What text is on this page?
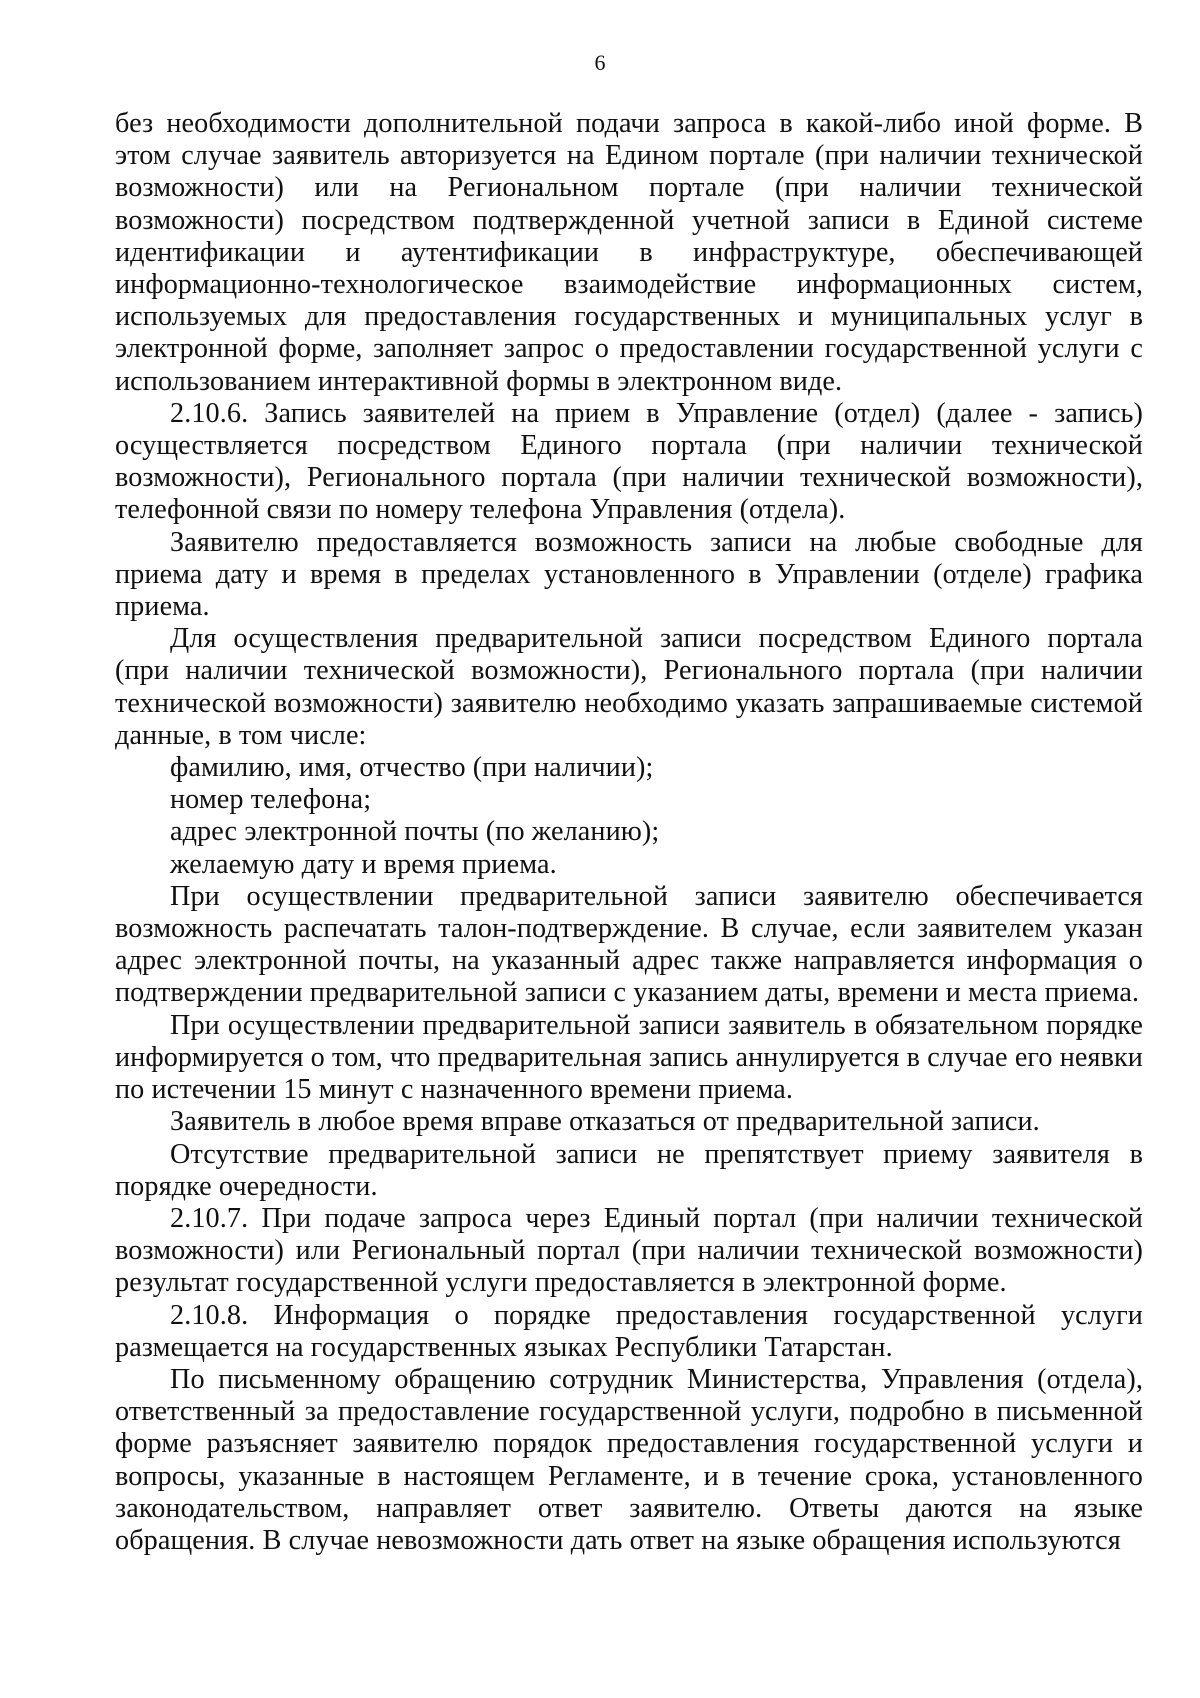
6

без необходимости дополнительной подачи запроса в какой-либо иной форме. В этом случае заявитель авторизуется на Едином портале (при наличии технической возможности) или на Региональном портале (при наличии технической возможности) посредством подтвержденной учетной записи в Единой системе идентификации и аутентификации в инфраструктуре, обеспечивающей информационно-технологическое взаимодействие информационных систем, используемых для предоставления государственных и муниципальных услуг в электронной форме, заполняет запрос о предоставлении государственной услуги с использованием интерактивной формы в электронном виде.

2.10.6. Запись заявителей на прием в Управление (отдел) (далее - запись) осуществляется посредством Единого портала (при наличии технической возможности), Регионального портала (при наличии технической возможности), телефонной связи по номеру телефона Управления (отдела).

Заявителю предоставляется возможность записи на любые свободные для приема дату и время в пределах установленного в Управлении (отделе) графика приема.

Для осуществления предварительной записи посредством Единого портала (при наличии технической возможности), Регионального портала (при наличии технической возможности) заявителю необходимо указать запрашиваемые системой данные, в том числе:

фамилию, имя, отчество (при наличии);

номер телефона;

адрес электронной почты (по желанию);

желаемую дату и время приема.

При осуществлении предварительной записи заявителю обеспечивается возможность распечатать талон-подтверждение. В случае, если заявителем указан адрес электронной почты, на указанный адрес также направляется информация о подтверждении предварительной записи с указанием даты, времени и места приема.

При осуществлении предварительной записи заявитель в обязательном порядке информируется о том, что предварительная запись аннулируется в случае его неявки по истечении 15 минут с назначенного времени приема.

Заявитель в любое время вправе отказаться от предварительной записи.

Отсутствие предварительной записи не препятствует приему заявителя в порядке очередности.

2.10.7. При подаче запроса через Единый портал (при наличии технической возможности) или Региональный портал (при наличии технической возможности) результат государственной услуги предоставляется в электронной форме.

2.10.8. Информация о порядке предоставления государственной услуги размещается на государственных языках Республики Татарстан.

По письменному обращению сотрудник Министерства, Управления (отдела), ответственный за предоставление государственной услуги, подробно в письменной форме разъясняет заявителю порядок предоставления государственной услуги и вопросы, указанные в настоящем Регламенте, и в течение срока, установленного законодательством, направляет ответ заявителю. Ответы даются на языке обращения. В случае невозможности дать ответ на языке обращения используются
